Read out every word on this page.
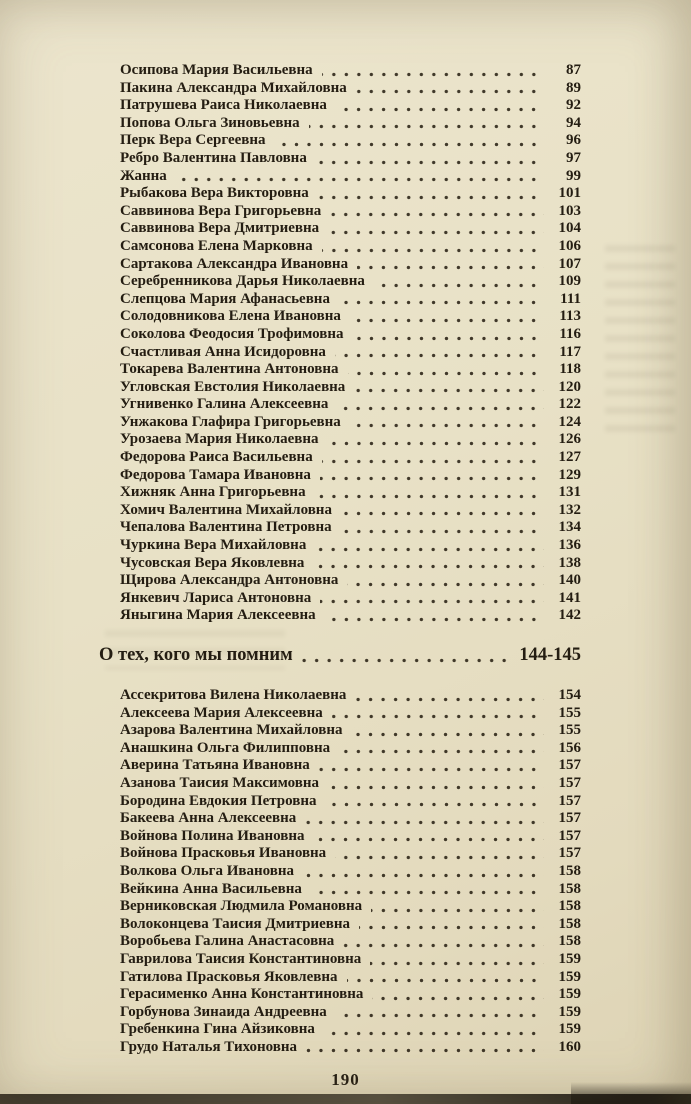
Осипова Мария Васильевна	87
Пакина Александра Михайловна	89
Патрушева Раиса Николаевна	92
Попова Ольга Зиновьевна	94
Перк Вера Сергеевна	96
Ребро Валентина Павловна	97
Жанна	99
Рыбакова Вера Викторовна	101
Саввинова Вера Григорьевна	103
Саввинова Вера Дмитриевна	104
Самсонова Елена Марковна	106
Сартакова Александра Ивановна	107
Серебренникова Дарья Николаевна	109
Слепцова Мария Афанасьевна	111
Солодовникова Елена Ивановна	113
Соколова Феодосия Трофимовна	116
Счастливая Анна Исидоровна	117
Токарева Валентина Антоновна	118
Угловская Евстолия Николаевна	120
Угнивенко Галина Алексеевна	122
Унжакова Глафира Григорьевна	124
Урозаева Мария Николаевна	126
Федорова Раиса Васильевна	127
Федорова Тамара Ивановна	129
Хижняк Анна Григорьевна	131
Хомич Валентина Михайловна	132
Чепалова Валентина Петровна	134
Чуркина Вера Михайловна	136
Чусовская Вера Яковлевна	138
Щирова Александра Антоновна	140
Янкевич Лариса Антоновна	141
Яныгина Мария Алексеевна	142
О тех, кого мы помним	144-145
Ассекритова Вилена Николаевна	154
Алексеева Мария Алексеевна	155
Азарова Валентина Михайловна	155
Анашкина Ольга Филипповна	156
Аверина Татьяна Ивановна	157
Азанова Таисия Максимовна	157
Бородина Евдокия Петровна	157
Бакеева Анна Алексеевна	157
Войнова Полина Ивановна	157
Войнова Прасковья Ивановна	157
Волкова Ольга Ивановна	158
Вейкина Анна Васильевна	158
Верниковская Людмила Романовна	158
Волоконцева Таисия Дмитриевна	158
Воробьева Галина Анастасовна	158
Гаврилова Таисия Константиновна	159
Гатилова Прасковья Яковлевна	159
Герасименко Анна Константиновна	159
Горбунова Зинаида Андреевна	159
Гребенкина Гина Айзиковна	159
Грудо Наталья Тихоновна	160
190
